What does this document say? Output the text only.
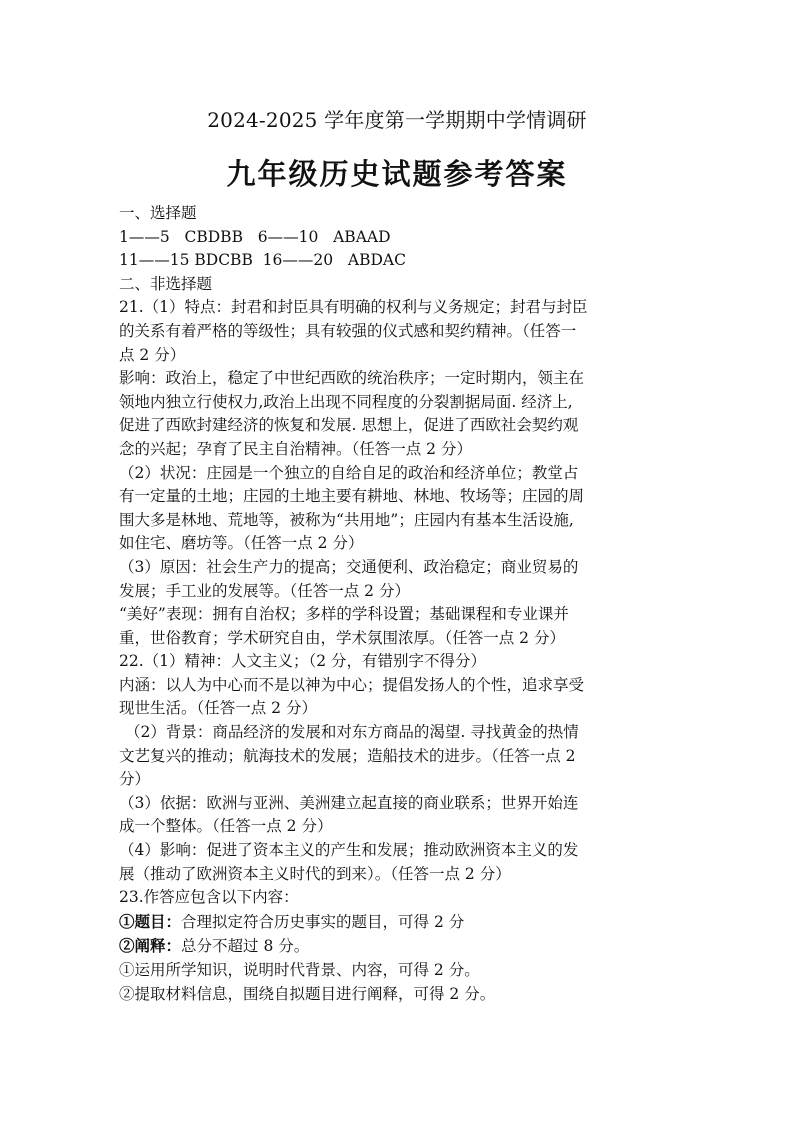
2024-2025 学年度第一学期期中学情调研
九年级历史试题参考答案
一、选择题
1——5   CBDBB   6——10   ABAAD
11——15 BDCBB  16——20   ABDAC
二、非选择题
21.（1）特点：封君和封臣具有明确的权利与义务规定；封君与封臣
的关系有着严格的等级性；具有较强的仪式感和契约精神。（任答一
点 2 分）
影响：政治上，稳定了中世纪西欧的统治秩序；一定时期内，领主在
领地内独立行使权力,政治上出现不同程度的分裂割据局面. 经济上,
促进了西欧封建经济的恢复和发展. 思想上，促进了西欧社会契约观
念的兴起；孕育了民主自治精神。（任答一点 2 分）
（2）状况：庄园是一个独立的自给自足的政治和经济单位；教堂占
有一定量的土地；庄园的土地主要有耕地、林地、牧场等；庄园的周
围大多是林地、荒地等，被称为“共用地”；庄园内有基本生活设施,
如住宅、磨坊等。（任答一点 2 分）
（3）原因：社会生产力的提高；交通便利、政治稳定；商业贸易的
发展；手工业的发展等。（任答一点 2 分）
“美好”表现：拥有自治权；多样的学科设置；基础课程和专业课并
重，世俗教育；学术研究自由，学术氛围浓厚。（任答一点 2 分）
22.（1）精神：人文主义；（2 分，有错别字不得分）
内涵：以人为中心而不是以神为中心；提倡发扬人的个性，追求享受
现世生活。（任答一点 2 分）
（2）背景：商品经济的发展和对东方商品的渴望. 寻找黄金的热情
文艺复兴的推动；航海技术的发展；造船技术的进步。（任答一点 2
分）
（3）依据：欧洲与亚洲、美洲建立起直接的商业联系；世界开始连
成一个整体。（任答一点 2 分）
（4）影响：促进了资本主义的产生和发展；推动欧洲资本主义的发
展（推动了欧洲资本主义时代的到来）。（任答一点 2 分）
23.作答应包含以下内容：
①题目：合理拟定符合历史事实的题目，可得 2 分
②阐释：总分不超过 8 分。
①运用所学知识，说明时代背景、内容，可得 2 分。
②提取材料信息，围绕自拟题目进行阐释，可得 2 分。
